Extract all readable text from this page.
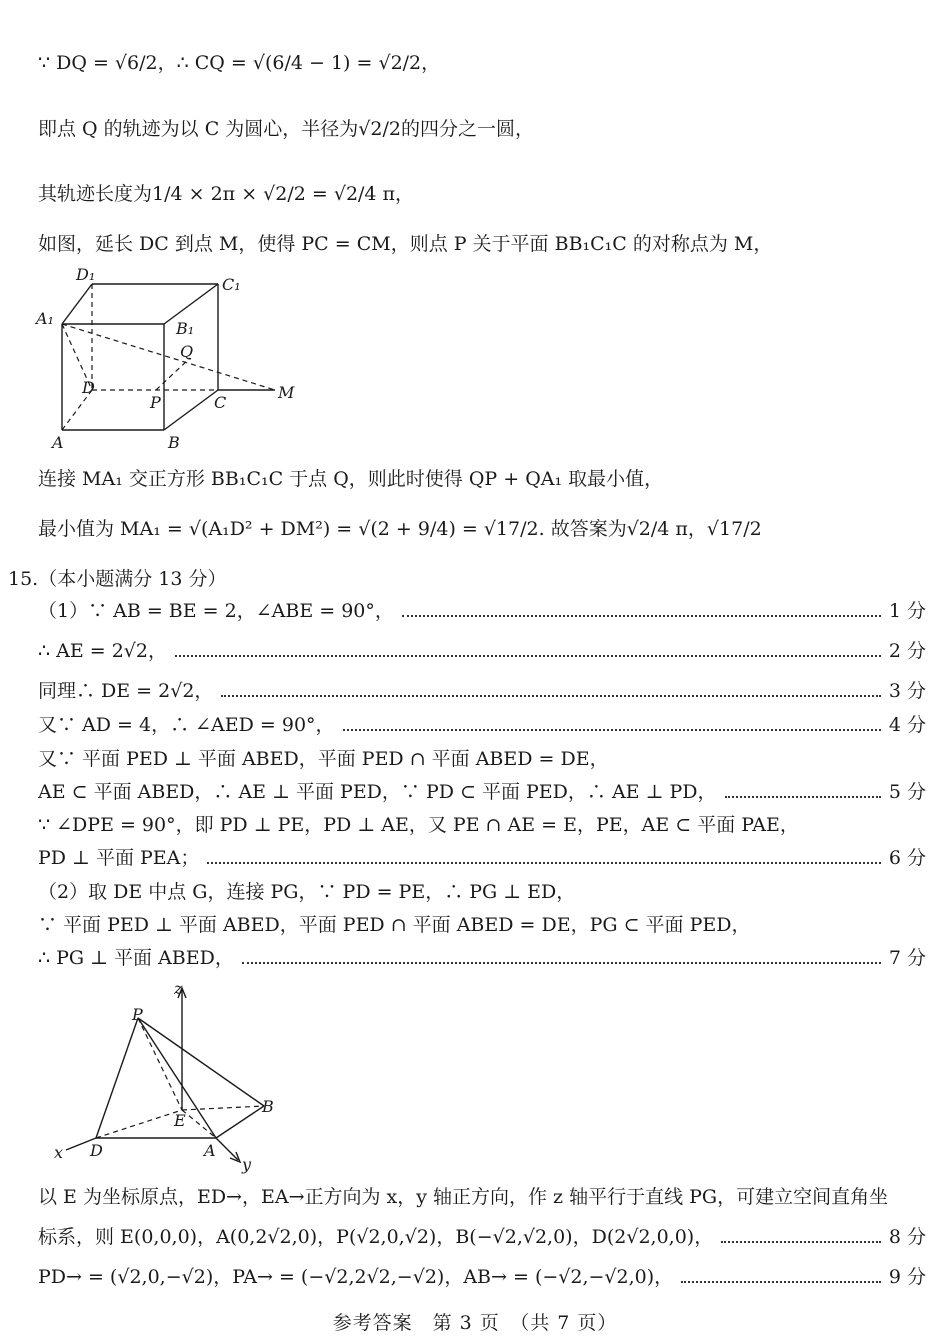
∵ DQ = √6/2，∴ CQ = √(6/4 − 1) = √2/2，
即点 Q 的轨迹为以 C 为圆心，半径为√2/2的四分之一圆，
其轨迹长度为1/4 × 2π × √2/2 = √2/4 π，
如图，延长 DC 到点 M，使得 PC = CM，则点 P 关于平面 BB₁C₁C 的对称点为 M，
D₁
C₁
A₁
B₁
Q
D
P	C
M
A	B
连接 MA₁ 交正方形 BB₁C₁C 于点 Q，则此时使得 QP + QA₁ 取最小值，
最小值为 MA₁ = √(A₁D² + DM²) = √(2 + 9/4) = √17/2. 故答案为√2/4 π，√17/2
15.（本小题满分 13 分）
（1）∵ AB = BE = 2，∠ABE = 90°，	1 分
∴ AE = 2√2，	2 分
同理∴ DE = 2√2，	3 分
又∵ AD = 4，∴ ∠AED = 90°，	4 分
又∵ 平面 PED ⊥ 平面 ABED，平面 PED ∩ 平面 ABED = DE，
AE ⊂ 平面 ABED，∴ AE ⊥ 平面 PED，∵ PD ⊂ 平面 PED，∴ AE ⊥ PD，	5 分
∵ ∠DPE = 90°，即 PD ⊥ PE，PD ⊥ AE，又 PE ∩ AE = E，PE，AE ⊂ 平面 PAE，
PD ⊥ 平面 PEA；	6 分
（2）取 DE 中点 G，连接 PG，∵ PD = PE，∴ PG ⊥ ED，
∵ 平面 PED ⊥ 平面 ABED，平面 PED ∩ 平面 ABED = DE，PG ⊂ 平面 PED，
∴ PG ⊥ 平面 ABED，	7 分
z
P
B
E
x D	A
y
以 E 为坐标原点，ED→，EA→正方向为 x，y 轴正方向，作 z 轴平行于直线 PG，可建立空间直角坐
标系，则 E(0,0,0)，A(0,2√2,0)，P(√2,0,√2)，B(−√2,√2,0)，D(2√2,0,0)，	8 分
PD→ = (√2,0,−√2)，PA→ = (−√2,2√2,−√2)，AB→ = (−√2,−√2,0)，	9 分
参考答案　第 3 页　（共 7 页）
